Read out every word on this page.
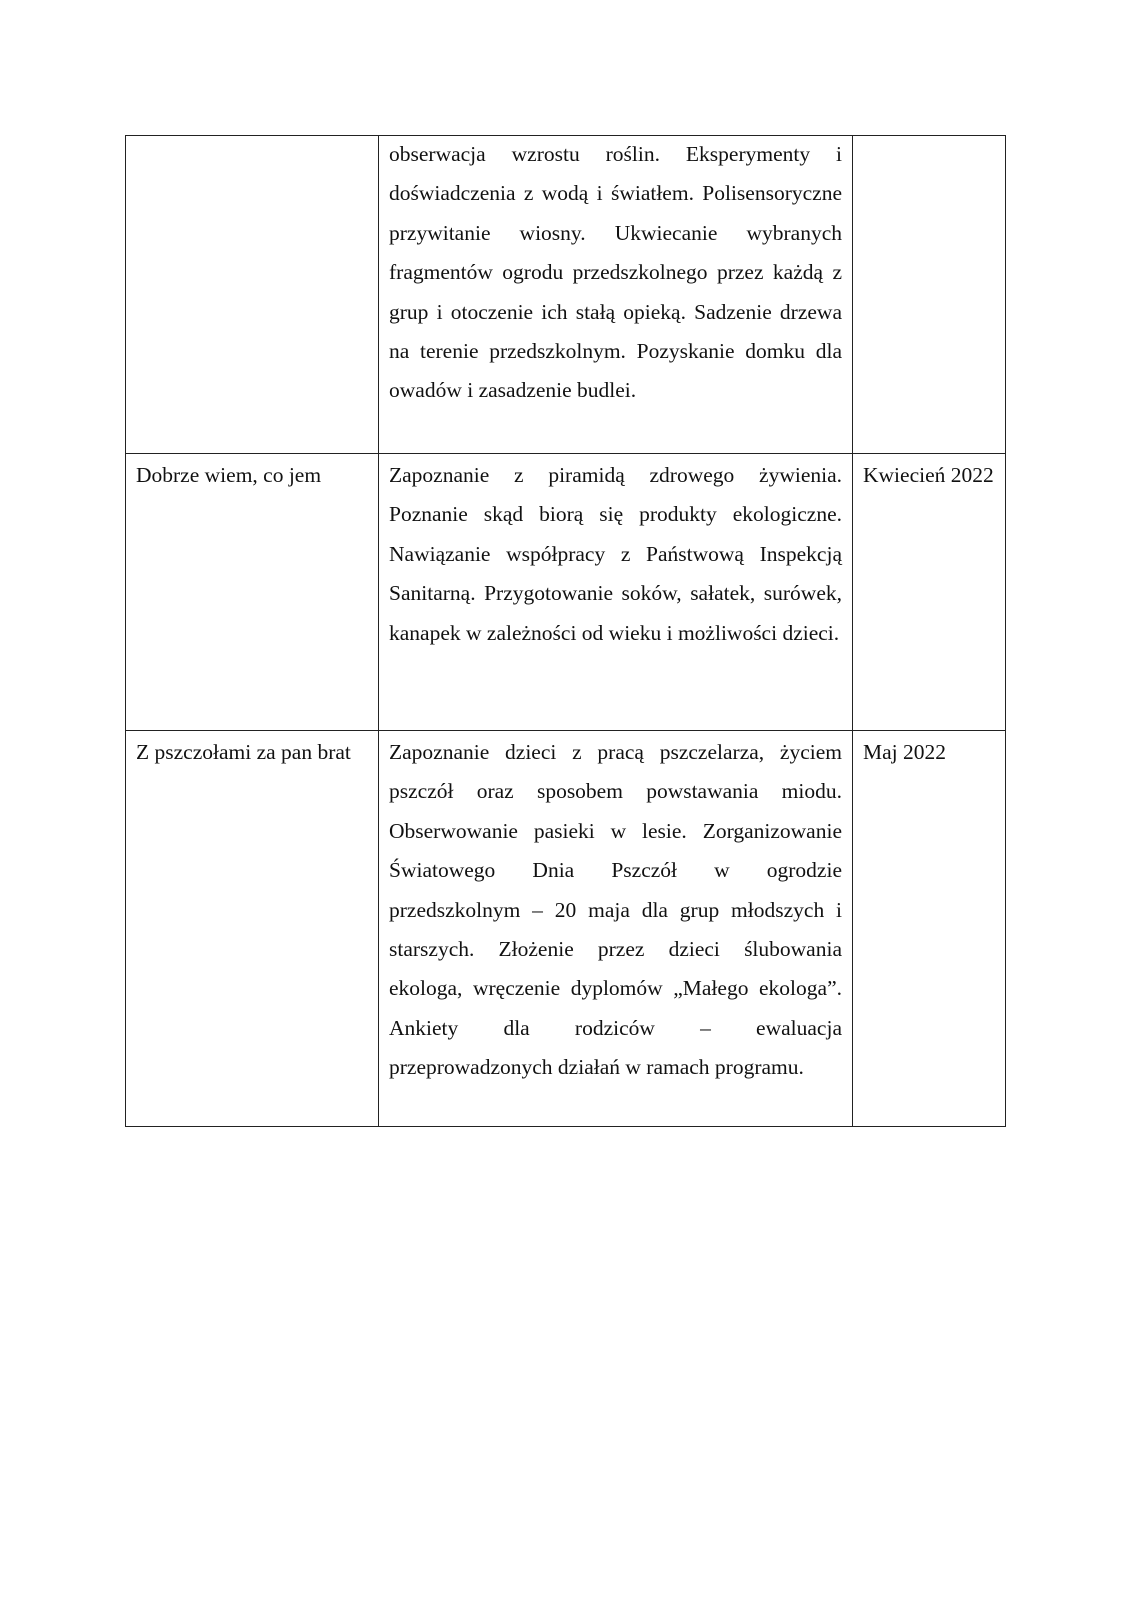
	obserwacja wzrostu roślin. Eksperymenty i doświadczenia z wodą i światłem. Polisensoryczne przywitanie wiosny. Ukwiecanie wybranych fragmentów ogrodu przedszkolnego przez każdą z grup i otoczenie ich stałą opieką. Sadzenie drzewa na terenie przedszkolnym. Pozyskanie domku dla owadów i zasadzenie budlei.	

Dobrze wiem, co jem	Zapoznanie z piramidą zdrowego żywienia. Poznanie skąd biorą się produkty ekologiczne. Nawiązanie współpracy z Państwową Inspekcją Sanitarną. Przygotowanie soków, sałatek, surówek, kanapek w zależności od wieku i możliwości dzieci.	Kwiecień 2022

Z pszczołami za pan brat	Zapoznanie dzieci z pracą pszczelarza, życiem pszczół oraz sposobem powstawania miodu. Obserwowanie pasieki w lesie. Zorganizowanie Światowego Dnia Pszczół w ogrodzie przedszkolnym – 20 maja dla grup młodszych i starszych. Złożenie przez dzieci ślubowania ekologa, wręczenie dyplomów „Małego ekologa”. Ankiety dla rodziców – ewaluacja przeprowadzonych działań w ramach programu.	Maj 2022
